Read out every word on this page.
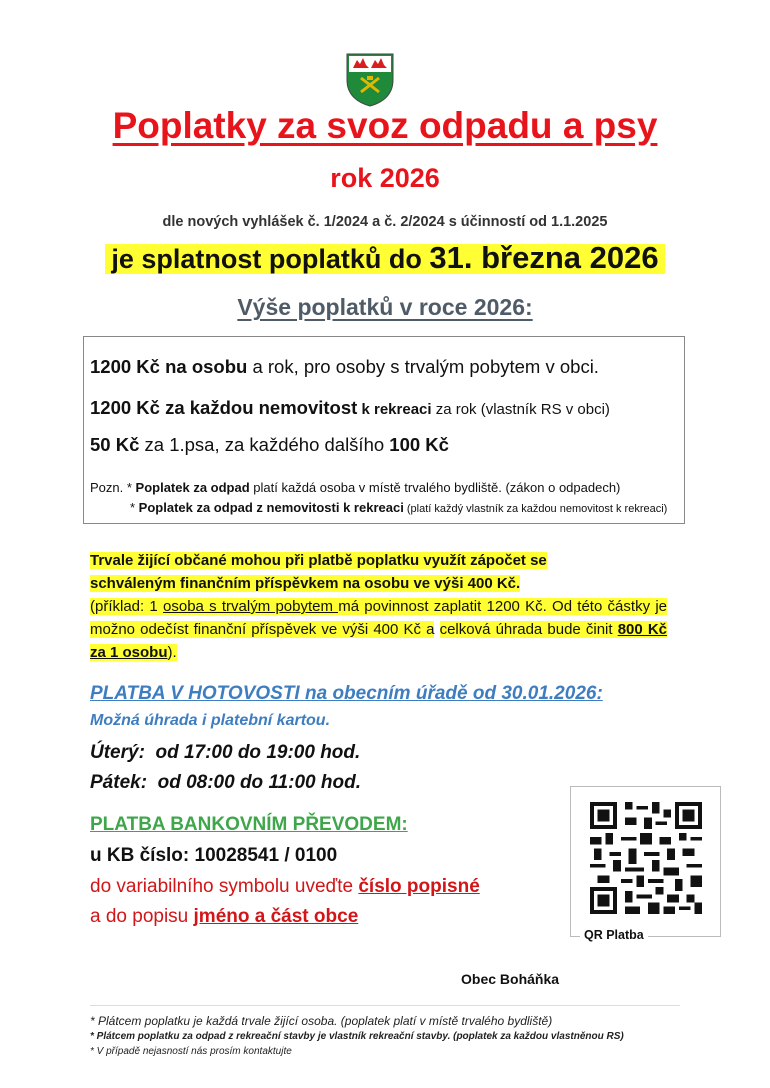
Poplatky za svoz odpadu a psy
rok 2026
dle nových vyhlášek č. 1/2024 a č. 2/2024 s účinností od 1.1.2025
je splatnost poplatků do 31. března 2026
Výše poplatků v roce 2026:
1200 Kč na osobu a rok, pro osoby s trvalým pobytem v obci.
1200 Kč za každou nemovitost k rekreaci za rok (vlastník RS v obci)
50 Kč za 1.psa, za každého dalšího 100 Kč
Pozn. * Poplatek za odpad platí každá osoba v místě trvalého bydliště. (zákon o odpadech)
* Poplatek za odpad z nemovitosti k rekreaci (platí každý vlastník za každou nemovitost k rekreaci)

Trvale žijící občané mohou při platbě poplatku využít zápočet se

schváleným finančním příspěvkem na osobu ve výši 400 Kč.

(příklad: 1 osoba s trvalým pobytem má povinnost zaplatit 1200 Kč. Od této částky je možno odečíst finanční příspěvek ve výši 400 Kč a celková úhrada bude činit 800 Kč za 1 osobu).

PLATBA V HOTOVOSTI na obecním úřadě od 30.01.2026:
Možná úhrada i platební kartou.
Úterý:  od 17:00 do 19:00 hod.
Pátek:  od 08:00 do 11:00 hod.
PLATBA BANKOVNÍM PŘEVODEM:
u KB číslo: 10028541 / 0100
do variabilního symbolu uveďte číslo popisné
a do popisu jméno a část obce
QR Platba
Obec Boháňka
* Plátcem poplatku je každá trvale žijící osoba. (poplatek platí v místě trvalého bydliště)
* Plátcem poplatku za odpad z rekreační stavby je vlastník rekreační stavby. (poplatek za každou vlastněnou RS)
* V případě nejasností nás prosím kontaktujte
